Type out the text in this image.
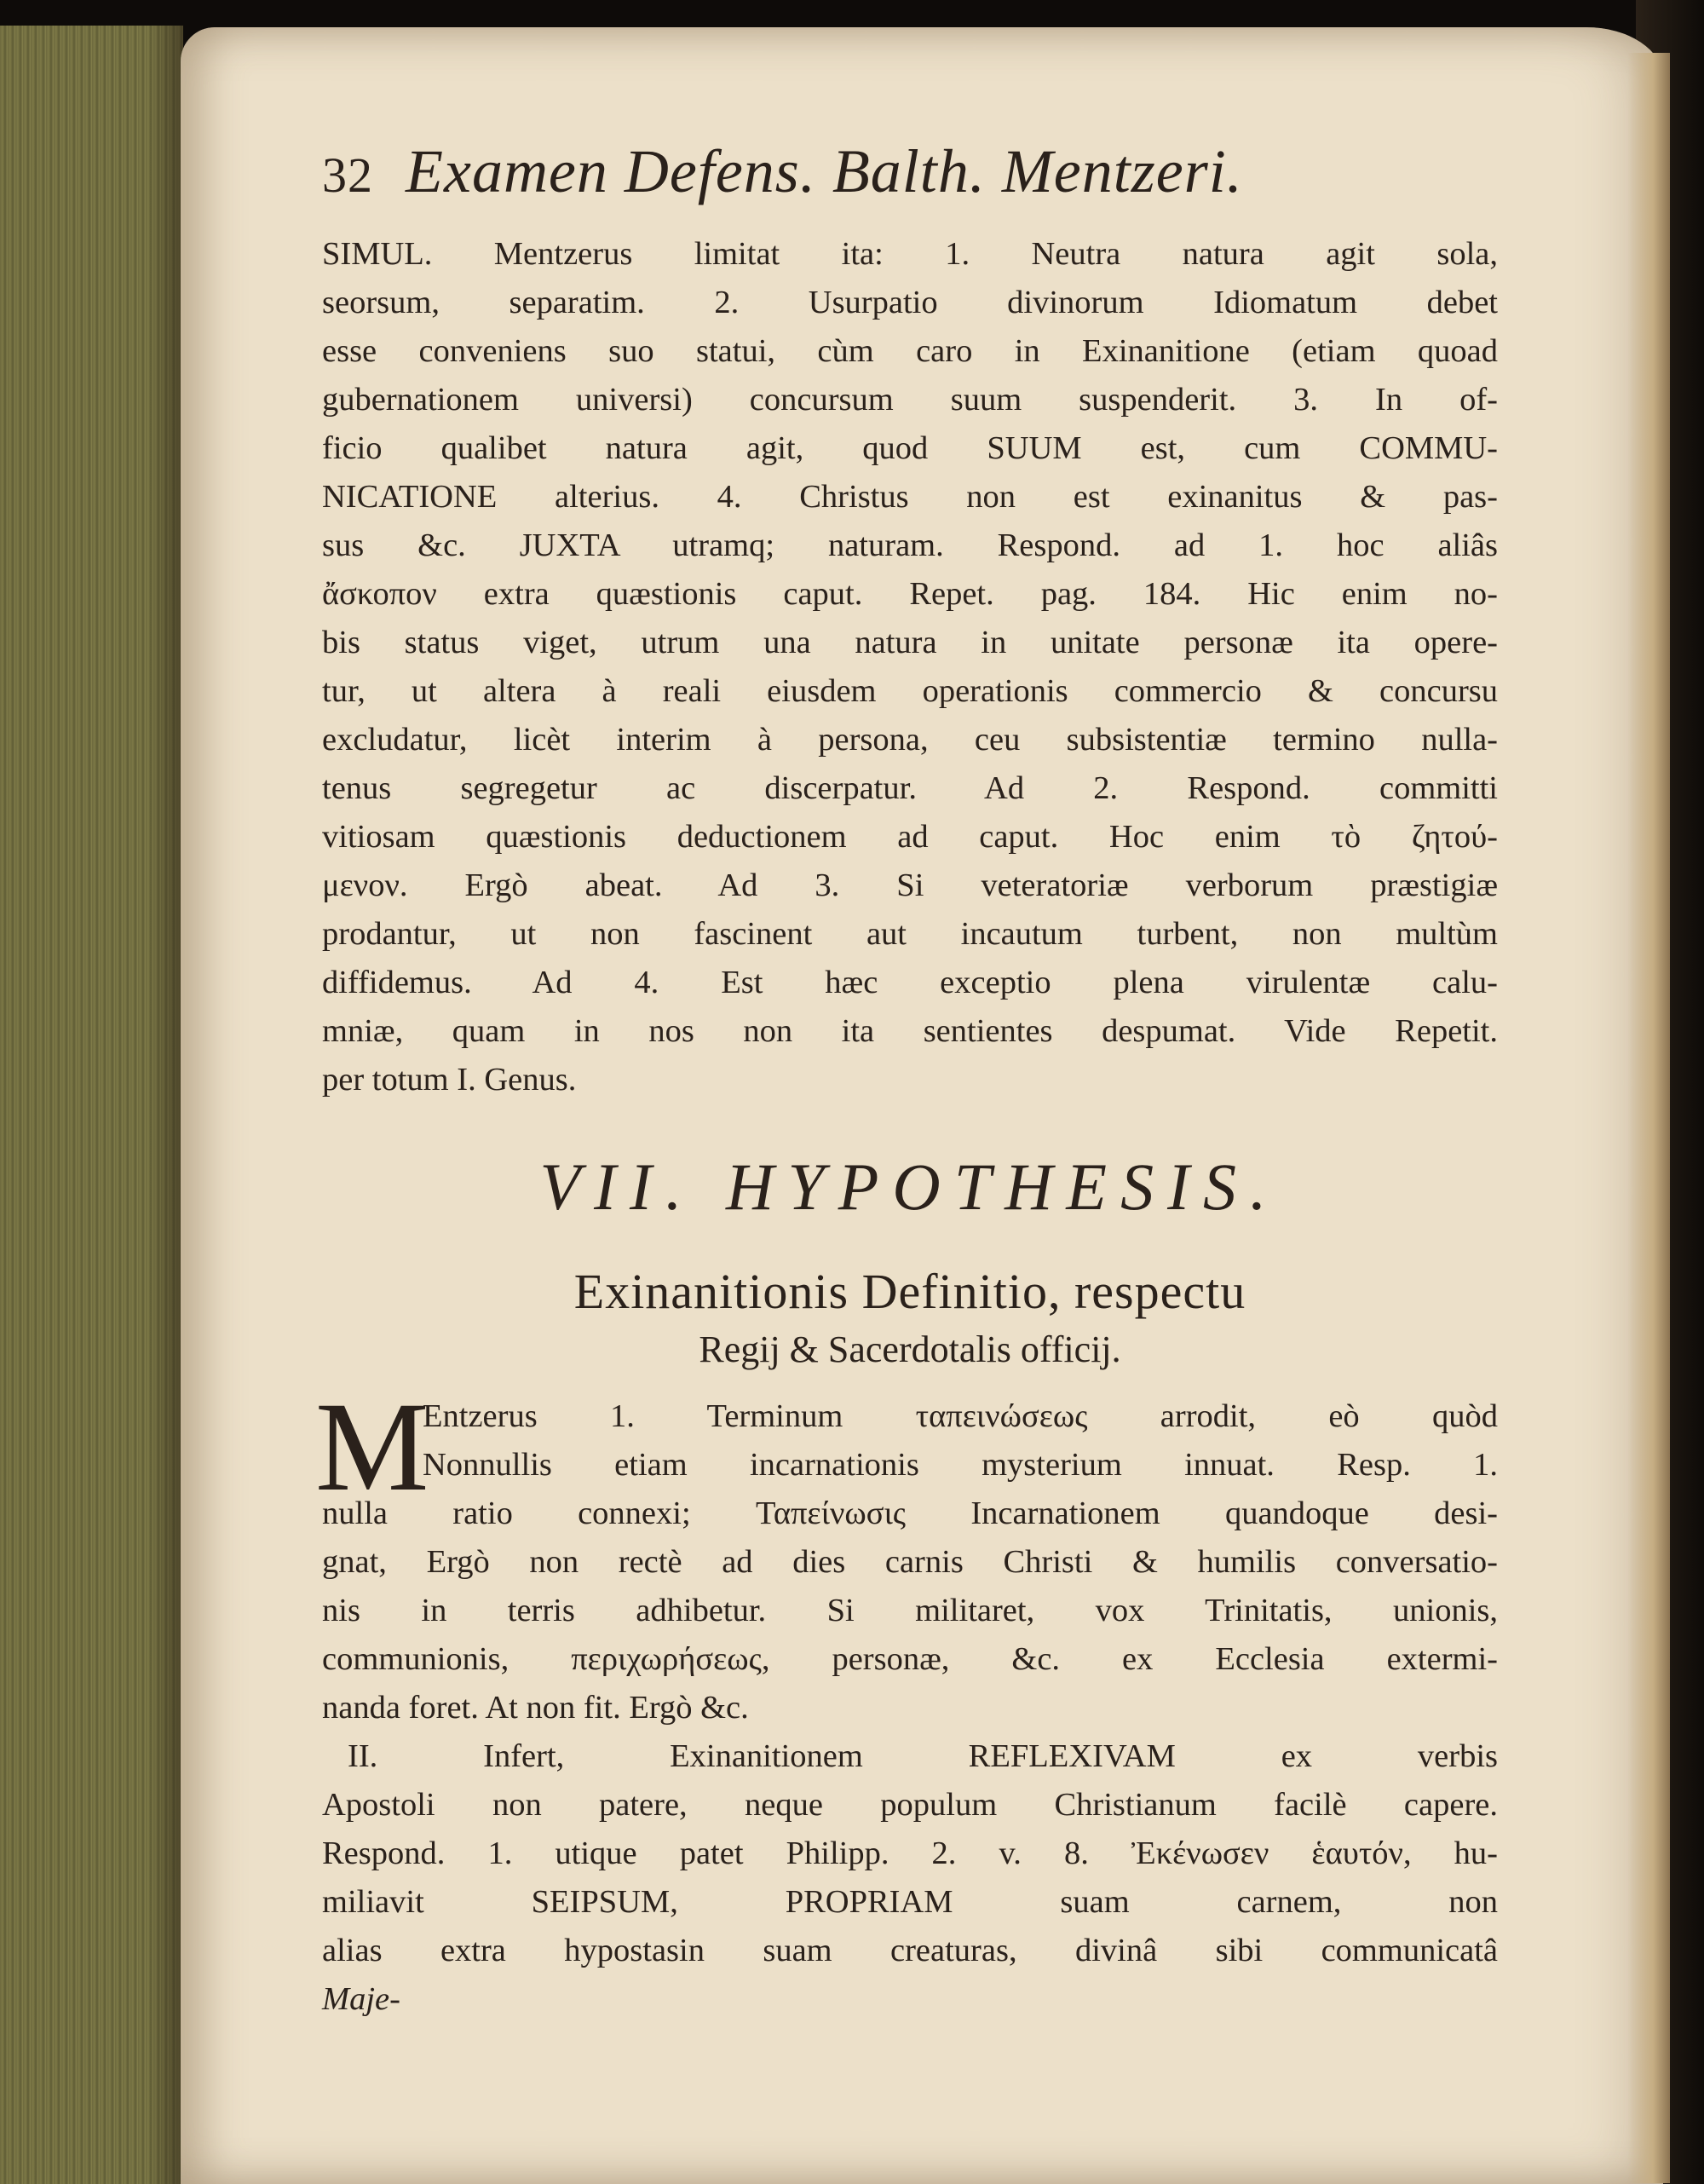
32 Examen Defens. Balth. Mentzeri.
SIMUL. Mentzerus limitat ita: 1. Neutra natura agit sola,
seorsum, separatim. 2. Usurpatio divinorum Idiomatum debet
esse conveniens suo statui, cùm caro in Exinanitione (etiam quoad
gubernationem universi) concursum suum suspenderit. 3. In of-
ficio qualibet natura agit, quod SUUM est, cum COMMU-
NICATIONE alterius. 4. Christus non est exinanitus & pas-
sus &c. JUXTA utramq; naturam. Respond. ad 1. hoc aliâs
ἄσκοπον extra quæstionis caput. Repet. pag. 184. Hic enim no-
bis status viget, utrum una natura in unitate personæ ita opere-
tur, ut altera à reali eiusdem operationis commercio & concursu
excludatur, licèt interim à persona, ceu subsistentiæ termino nulla-
tenus segregetur ac discerpatur. Ad 2. Respond. committi
vitiosam quæstionis deductionem ad caput. Hoc enim τὸ ζητού-
μενον. Ergò abeat. Ad 3. Si veteratoriæ verborum præstigiæ
prodantur, ut non fascinent aut incautum turbent, non multùm
diffidemus. Ad 4. Est hæc exceptio plena virulentæ calu-
mniæ, quam in nos non ita sentientes despumat. Vide Repetit.
per totum I. Genus.
VII. HYPOTHESIS.
Exinanitionis Definitio, respectu
Regij & Sacerdotalis officij.
M
Entzerus 1. Terminum ταπεινώσεως arrodit, eò quòd
Nonnullis etiam incarnationis mysterium innuat. Resp. 1.
nulla ratio connexi; Ταπείνωσις Incarnationem quandoque desi-
gnat, Ergò non rectè ad dies carnis Christi & humilis conversatio-
nis in terris adhibetur. Si militaret, vox Trinitatis, unionis,
communionis, περιχωρήσεως, personæ, &c. ex Ecclesia extermi-
nanda foret. At non fit. Ergò &c.
II. Infert, Exinanitionem REFLEXIVAM ex verbis
Apostoli non patere, neque populum Christianum facilè capere.
Respond. 1. utique patet Philipp. 2. v. 8. Ἐκένωσεν ἑαυτόν, hu-
miliavit SEIPSUM, PROPRIAM suam carnem, non
alias extra hypostasin suam creaturas, divinâ sibi communicatâ
Maje-
